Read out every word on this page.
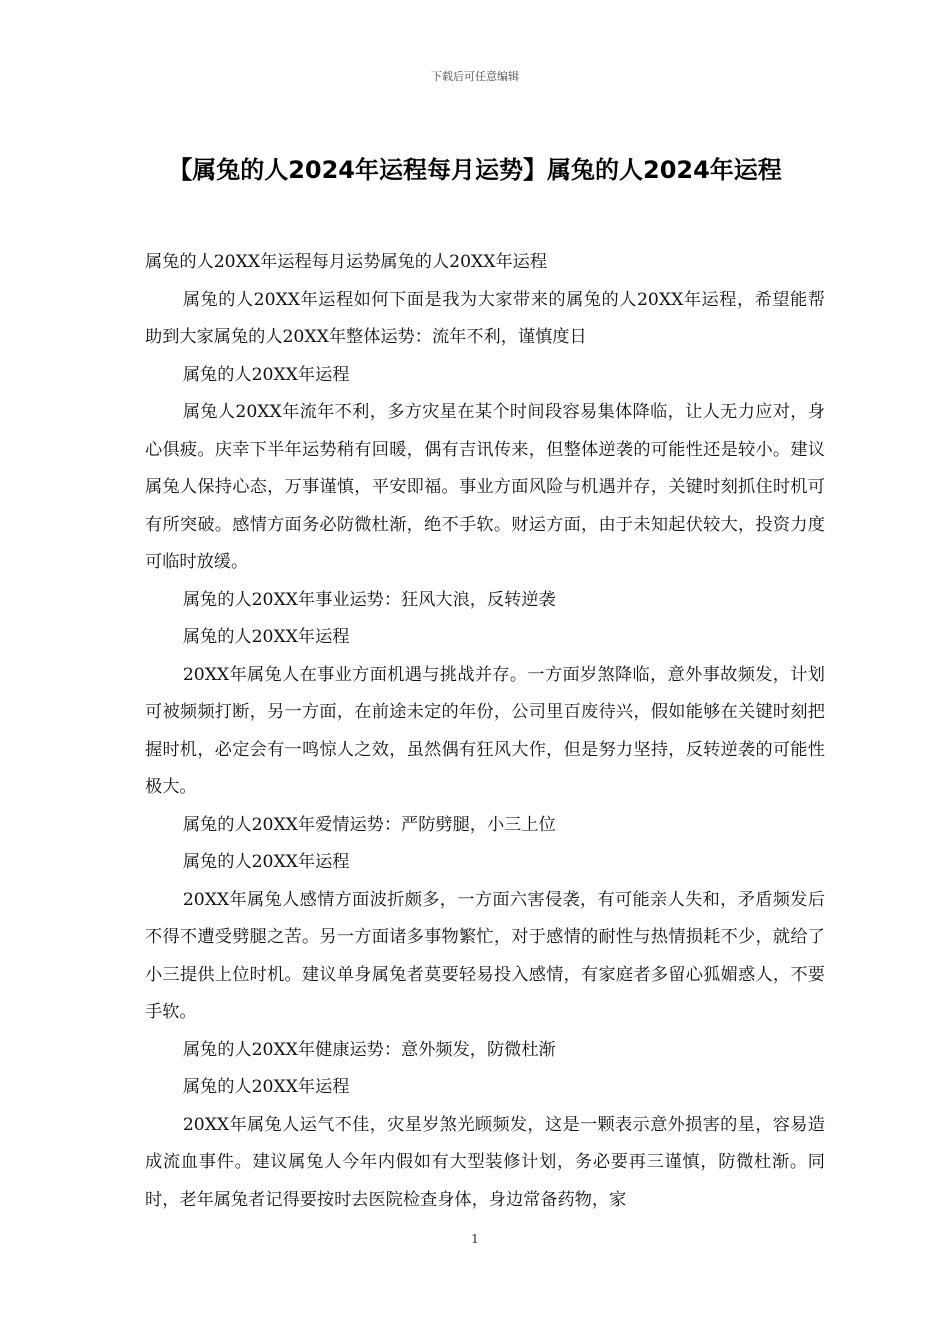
下载后可任意编辑
【属兔的人2024年运程每月运势】属兔的人2024年运程

属兔的人20XX年运程每月运势属兔的人20XX年运程

属兔的人20XX年运程如何下面是我为大家带来的属兔的人20XX年运程，希望能帮助到大家属兔的人20XX年整体运势：流年不利，谨慎度日

属兔的人20XX年运程

属兔人20XX年流年不利，多方灾星在某个时间段容易集体降临，让人无力应对，身心俱疲。庆幸下半年运势稍有回暖，偶有吉讯传来，但整体逆袭的可能性还是较小。建议属兔人保持心态，万事谨慎，平安即福。事业方面风险与机遇并存，关键时刻抓住时机可有所突破。感情方面务必防微杜渐，绝不手软。财运方面，由于未知起伏较大，投资力度可临时放缓。

属兔的人20XX年事业运势：狂风大浪，反转逆袭

属兔的人20XX年运程

20XX年属兔人在事业方面机遇与挑战并存。一方面岁煞降临，意外事故频发，计划可被频频打断，另一方面，在前途未定的年份，公司里百废待兴，假如能够在关键时刻把握时机，必定会有一鸣惊人之效，虽然偶有狂风大作，但是努力坚持，反转逆袭的可能性极大。

属兔的人20XX年爱情运势：严防劈腿，小三上位

属兔的人20XX年运程

20XX年属兔人感情方面波折颇多，一方面六害侵袭，有可能亲人失和，矛盾频发后不得不遭受劈腿之苦。另一方面诸多事物繁忙，对于感情的耐性与热情损耗不少，就给了小三提供上位时机。建议单身属兔者莫要轻易投入感情，有家庭者多留心狐媚惑人，不要手软。

属兔的人20XX年健康运势：意外频发，防微杜渐

属兔的人20XX年运程

20XX年属兔人运气不佳，灾星岁煞光顾频发，这是一颗表示意外损害的星，容易造成流血事件。建议属兔人今年内假如有大型装修计划，务必要再三谨慎，防微杜渐。同时，老年属兔者记得要按时去医院检查身体，身边常备药物，家

1
